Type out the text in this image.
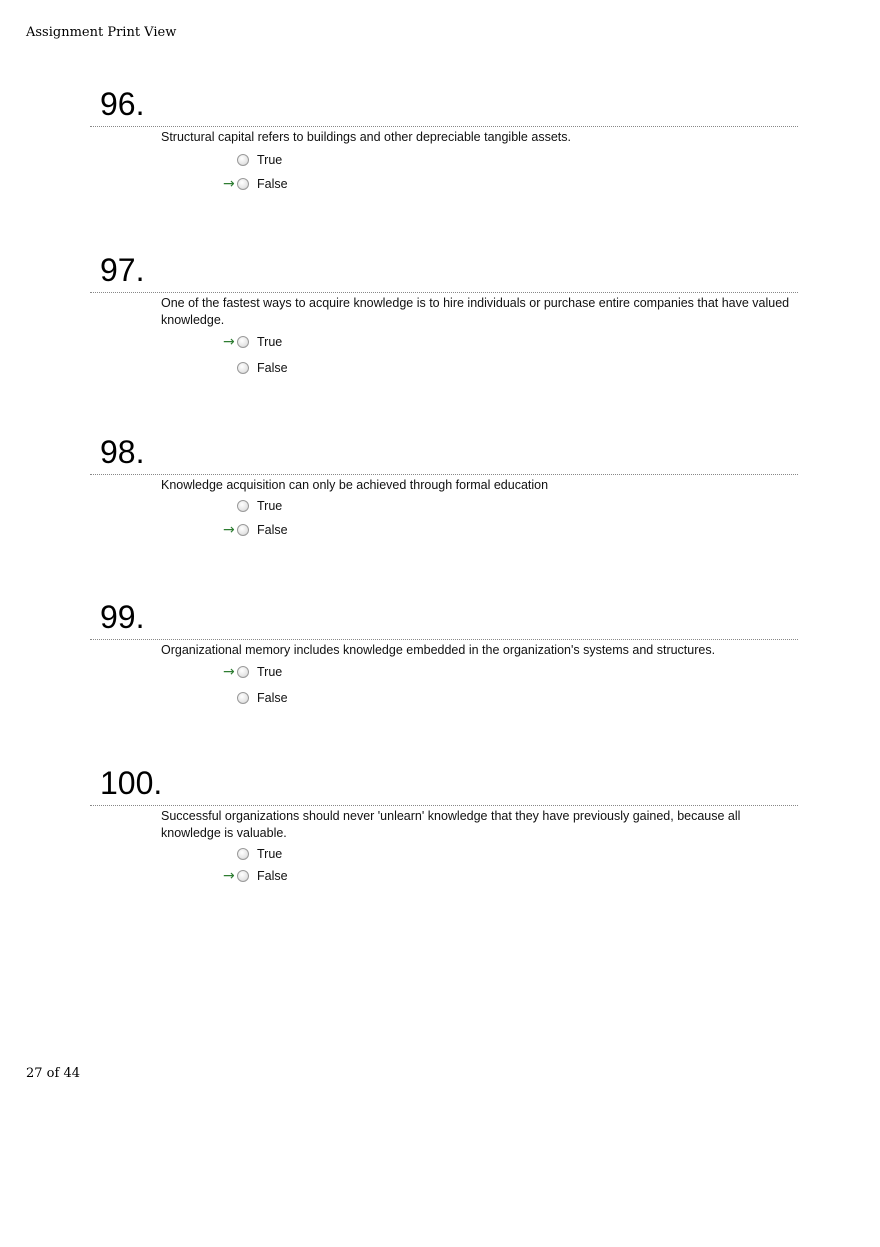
Assignment Print View
96.
Structural capital refers to buildings and other depreciable tangible assets.
True
→ False
97.
One of the fastest ways to acquire knowledge is to hire individuals or purchase entire companies that have valued knowledge.
→ True
False
98.
Knowledge acquisition can only be achieved through formal education
True
→ False
99.
Organizational memory includes knowledge embedded in the organization's systems and structures.
→ True
False
100.
Successful organizations should never 'unlearn' knowledge that they have previously gained, because all knowledge is valuable.
True
→ False
27 of 44
